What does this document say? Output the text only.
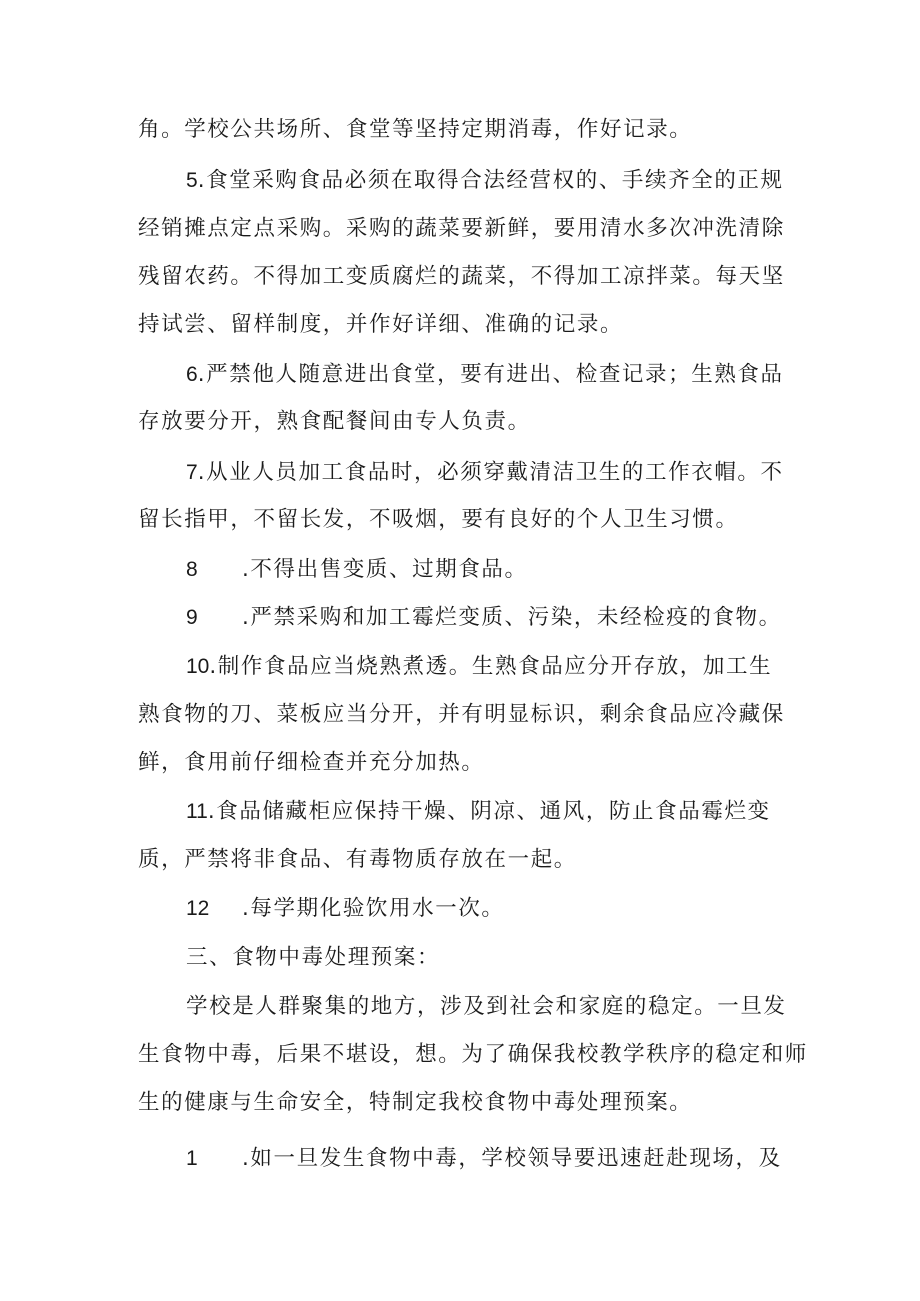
角。学校公共场所、食堂等坚持定期消毒，作好记录。
5.食堂采购食品必须在取得合法经营权的、手续齐全的正规
经销摊点定点采购。采购的蔬菜要新鲜，要用清水多次冲洗清除
残留农药。不得加工变质腐烂的蔬菜，不得加工凉拌菜。每天坚
持试尝、留样制度，并作好详细、准确的记录。
6.严禁他人随意进出食堂，要有进出、检查记录；生熟食品
存放要分开，熟食配餐间由专人负责。
7.从业人员加工食品时，必须穿戴清洁卫生的工作衣帽。不
留长指甲，不留长发，不吸烟，要有良好的个人卫生习惯。
8 .不得出售变质、过期食品。
9 .严禁采购和加工霉烂变质、污染，未经检疫的食物。
10.制作食品应当烧熟煮透。生熟食品应分开存放，加工生
熟食物的刀、菜板应当分开，并有明显标识，剩余食品应冷藏保
鲜，食用前仔细检查并充分加热。
11.食品储藏柜应保持干燥、阴凉、通风，防止食品霉烂变
质，严禁将非食品、有毒物质存放在一起。
12 .每学期化验饮用水一次。
三、食物中毒处理预案：
学校是人群聚集的地方，涉及到社会和家庭的稳定。一旦发
生食物中毒，后果不堪设，想。为了确保我校教学秩序的稳定和师
生的健康与生命安全，特制定我校食物中毒处理预案。
1 .如一旦发生食物中毒，学校领导要迅速赶赴现场，及
